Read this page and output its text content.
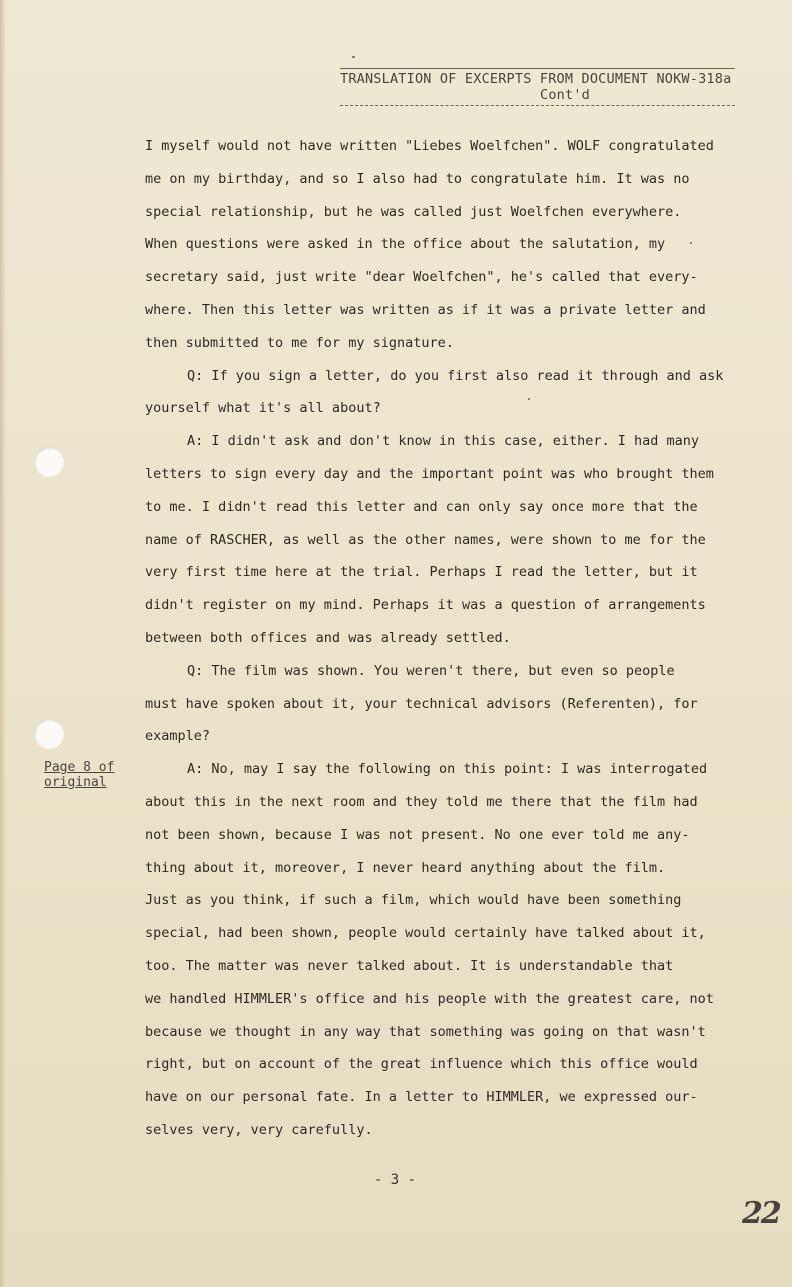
TRANSLATION OF EXCERPTS FROM DOCUMENT NOKW-318a
Cont'd
Page 8 of
original
I myself would not have written "Liebes Woelfchen". WOLF congratulated
me on my birthday, and so I also had to congratulate him. It was no
special relationship, but he was called just Woelfchen everywhere.
When questions were asked in the office about the salutation, my
secretary said, just write "dear Woelfchen", he's called that every-
where. Then this letter was written as if it was a private letter and
then submitted to me for my signature.
Q: If you sign a letter, do you first also read it through and ask
yourself what it's all about?
A: I didn't ask and don't know in this case, either. I had many
letters to sign every day and the important point was who brought them
to me. I didn't read this letter and can only say once more that the
name of RASCHER, as well as the other names, were shown to me for the
very first time here at the trial. Perhaps I read the letter, but it
didn't register on my mind. Perhaps it was a question of arrangements
between both offices and was already settled.
Q: The film was shown. You weren't there, but even so people
must have spoken about it, your technical advisors (Referenten), for
example?
A: No, may I say the following on this point: I was interrogated
about this in the next room and they told me there that the film had
not been shown, because I was not present. No one ever told me any-
thing about it, moreover, I never heard anything about the film.
Just as you think, if such a film, which would have been something
special, had been shown, people would certainly have talked about it,
too. The matter was never talked about. It is understandable that
we handled HIMMLER's office and his people with the greatest care, not
because we thought in any way that something was going on that wasn't
right, but on account of the great influence which this office would
have on our personal fate. In a letter to HIMMLER, we expressed our-
selves very, very carefully.
- 3 -
22
